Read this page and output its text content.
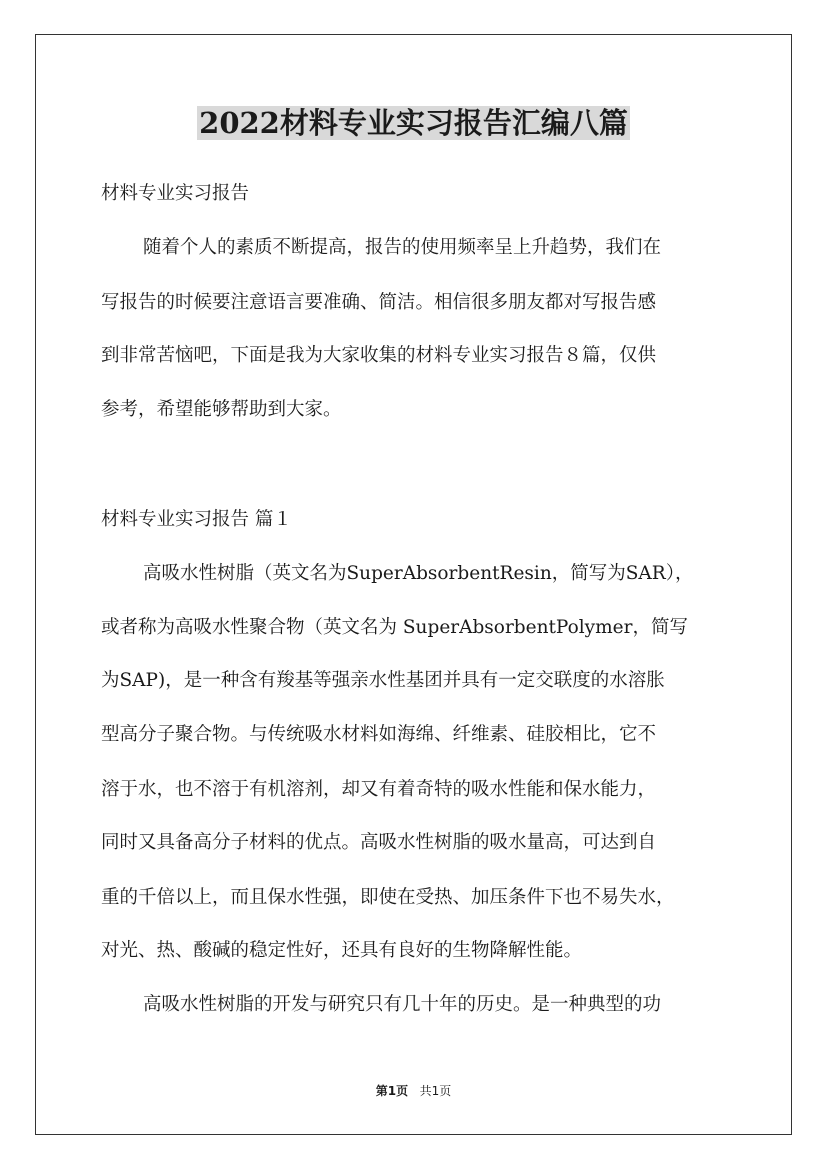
2022材料专业实习报告汇编八篇
材料专业实习报告
随着个人的素质不断提高，报告的使用频率呈上升趋势，我们在
写报告的时候要注意语言要准确、简洁。相信很多朋友都对写报告感
到非常苦恼吧，下面是我为大家收集的材料专业实习报告８篇，仅供
参考，希望能够帮助到大家。
材料专业实习报告 篇１
高吸水性树脂（英文名为SuperAbsorbentResin，简写为SAR），
或者称为高吸水性聚合物（英文名为 SuperAbsorbentPolymer，简写
为SAP)，是一种含有羧基等强亲水性基团并具有一定交联度的水溶胀
型高分子聚合物。与传统吸水材料如海绵、纤维素、硅胶相比，它不
溶于水，也不溶于有机溶剂，却又有着奇特的吸水性能和保水能力，
同时又具备高分子材料的优点。高吸水性树脂的吸水量高，可达到自
重的千倍以上，而且保水性强，即使在受热、加压条件下也不易失水，
对光、热、酸碱的稳定性好，还具有良好的生物降解性能。
高吸水性树脂的开发与研究只有几十年的历史。是一种典型的功
第1页 共1页
